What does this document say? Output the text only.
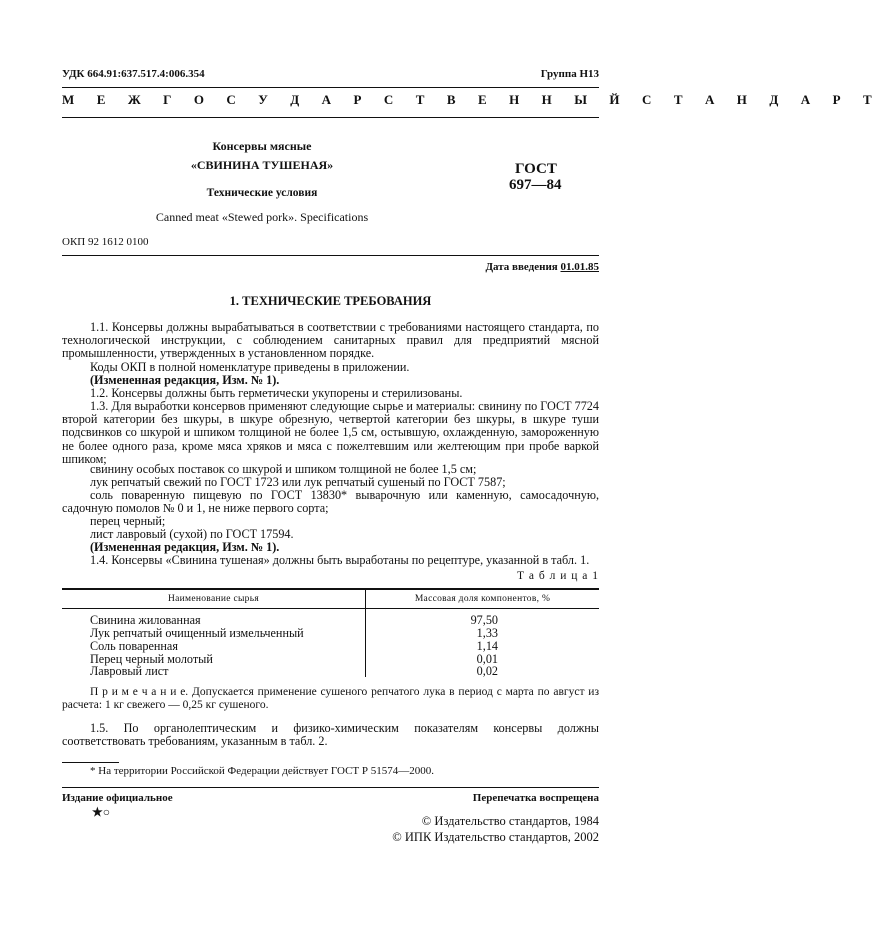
УДК 664.91:637.517.4:006.354	Группа Н13
М Е Ж Г О С У Д А Р С Т В Е Н Н Ы Й С Т А Н Д А Р Т
Консервы мясные
«СВИНИНА ТУШЕНАЯ»
Технические условия
Canned meat «Stewed pork». Specifications
ГОСТ
697—84
ОКП 92 1612 0100
Дата введения 01.01.85
1. ТЕХНИЧЕСКИЕ ТРЕБОВАНИЯ
1.1. Консервы должны вырабатываться в соответствии с требованиями настоящего стандарта, по технологической инструкции, с соблюдением санитарных правил для предприятий мясной промышленности, утвержденных в установленном порядке.
Коды ОКП в полной номенклатуре приведены в приложении.
(Измененная редакция, Изм. № 1).
1.2. Консервы должны быть герметически укупорены и стерилизованы.
1.3. Для выработки консервов применяют следующие сырье и материалы: свинину по ГОСТ 7724 второй категории без шкуры, в шкуре обрезную, четвертой категории без шкуры, в шкуре туши подсвинков со шкурой и шпиком толщиной не более 1,5 см, остывшую, охлажденную, замороженную не более одного раза, кроме мяса хряков и мяса с пожелтевшим или желтеющим при пробе варкой шпиком;
свинину особых поставок со шкурой и шпиком толщиной не более 1,5 см;
лук репчатый свежий по ГОСТ 1723 или лук репчатый сушеный по ГОСТ 7587;
соль поваренную пищевую по ГОСТ 13830* выварочную или каменную, самосадочную, садочную помолов № 0 и 1, не ниже первого сорта;
перец черный;
лист лавровый (сухой) по ГОСТ 17594.
(Измененная редакция, Изм. № 1).
1.4. Консервы «Свинина тушеная» должны быть выработаны по рецептуре, указанной в табл. 1.
Т а б л и ц а 1
Наименование сырья	Массовая доля компонентов, %
Свинина жилованная	97,50
Лук репчатый очищенный измельченный	1,33
Соль поваренная	1,14
Перец черный молотый	0,01
Лавровый лист	0,02
П р и м е ч а н и е. Допускается применение сушеного репчатого лука в период с марта по август из расчета: 1 кг свежего — 0,25 кг сушеного.
1.5. По органолептическим и физико-химическим показателям консервы должны соответствовать требованиям, указанным в табл. 2.
* На территории Российской Федерации действует ГОСТ Р 51574—2000.
Издание официальное	Перепечатка воспрещена
★○
© Издательство стандартов, 1984
© ИПК Издательство стандартов, 2002
